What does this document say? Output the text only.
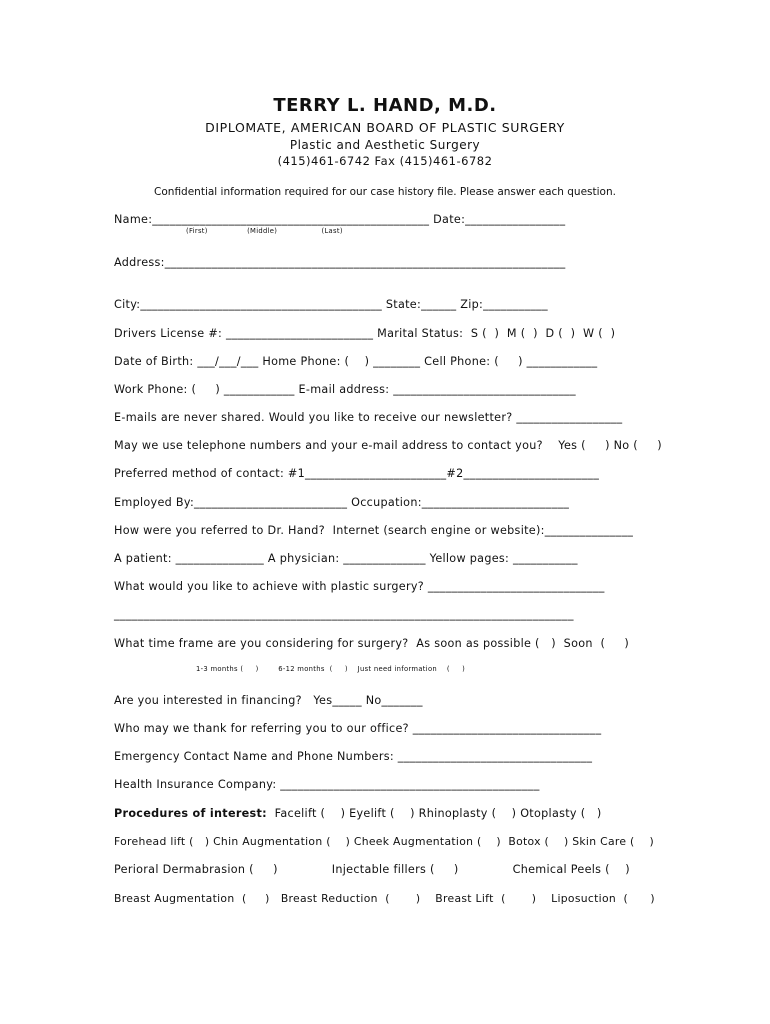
TERRY L. HAND, M.D.
DIPLOMATE, AMERICAN BOARD OF PLASTIC SURGERY
Plastic and Aesthetic Surgery
(415)461-6742 Fax (415)461-6782
Confidential information required for our case history file. Please answer each question.
Name:_______________________________________________ Date:_________________
(First)                (Middle)                  (Last)
Address:____________________________________________________________________
City:_________________________________________ State:______ Zip:___________
Drivers License #: _________________________ Marital Status:  S (  )  M (  )  D (  )  W (  )
Date of Birth: ___/___/___ Home Phone: (    ) ________ Cell Phone: (     ) ____________
Work Phone: (     ) ____________ E-mail address: _______________________________
E-mails are never shared. Would you like to receive our newsletter? __________________
May we use telephone numbers and your e-mail address to contact you?    Yes (     ) No (     )
Preferred method of contact: #1________________________#2_______________________
Employed By:__________________________ Occupation:_________________________
How were you referred to Dr. Hand?  Internet (search engine or website):_______________
A patient: _______________ A physician: ______________ Yellow pages: ___________
What would you like to achieve with plastic surgery? ______________________________
______________________________________________________________________________
What time frame are you considering for surgery?  As soon as possible (   )  Soon  (     )
1-3 months (     )        6-12 months  (     )    Just need information    (     )
Are you interested in financing?   Yes_____ No_______
Who may we thank for referring you to our office? ________________________________
Emergency Contact Name and Phone Numbers: _________________________________
Health Insurance Company: ____________________________________________
Procedures of interest:  Facelift (    ) Eyelift (    ) Rhinoplasty (    ) Otoplasty (   )
Forehead lift (   ) Chin Augmentation (    ) Cheek Augmentation (    )  Botox (    ) Skin Care (    )
Perioral Dermabrasion (     )              Injectable fillers (     )              Chemical Peels (    )
Breast Augmentation  (     )   Breast Reduction  (       )    Breast Lift  (       )    Liposuction  (      )
